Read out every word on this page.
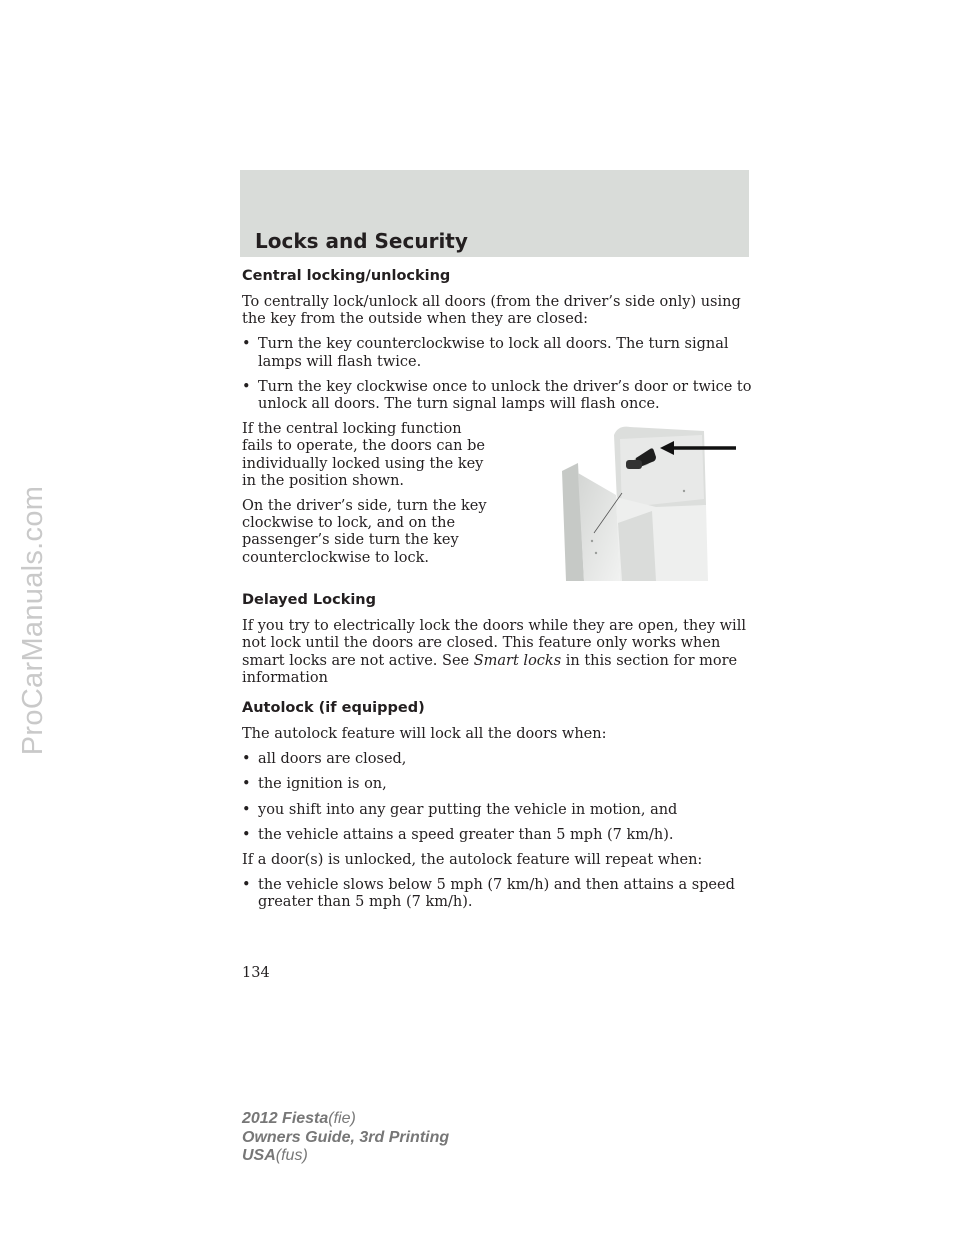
ProCarManuals.com
Locks and Security
Central locking/unlocking

To centrally lock/unlock all doors (from the driver’s side only) using the key from the outside when they are closed:

• Turn the key counterclockwise to lock all doors. The turn signal lamps will flash twice.
• Turn the key clockwise once to unlock the driver’s door or twice to unlock all doors. The turn signal lamps will flash once.

If the central locking function fails to operate, the doors can be individually locked using the key in the position shown.

On the driver’s side, turn the key clockwise to lock, and on the passenger’s side turn the key counterclockwise to lock.

Delayed Locking

If you try to electrically lock the doors while they are open, they will not lock until the doors are closed. This feature only works when smart locks are not active. See Smart locks in this section for more information

Autolock (if equipped)

The autolock feature will lock all the doors when:

• all doors are closed,
• the ignition is on,
• you shift into any gear putting the vehicle in motion, and
• the vehicle attains a speed greater than 5 mph (7 km/h).

If a door(s) is unlocked, the autolock feature will repeat when:

• the vehicle slows below 5 mph (7 km/h) and then attains a speed greater than 5 mph (7 km/h).
134
2012 Fiesta(fie)
Owners Guide, 3rd Printing
USA(fus)
